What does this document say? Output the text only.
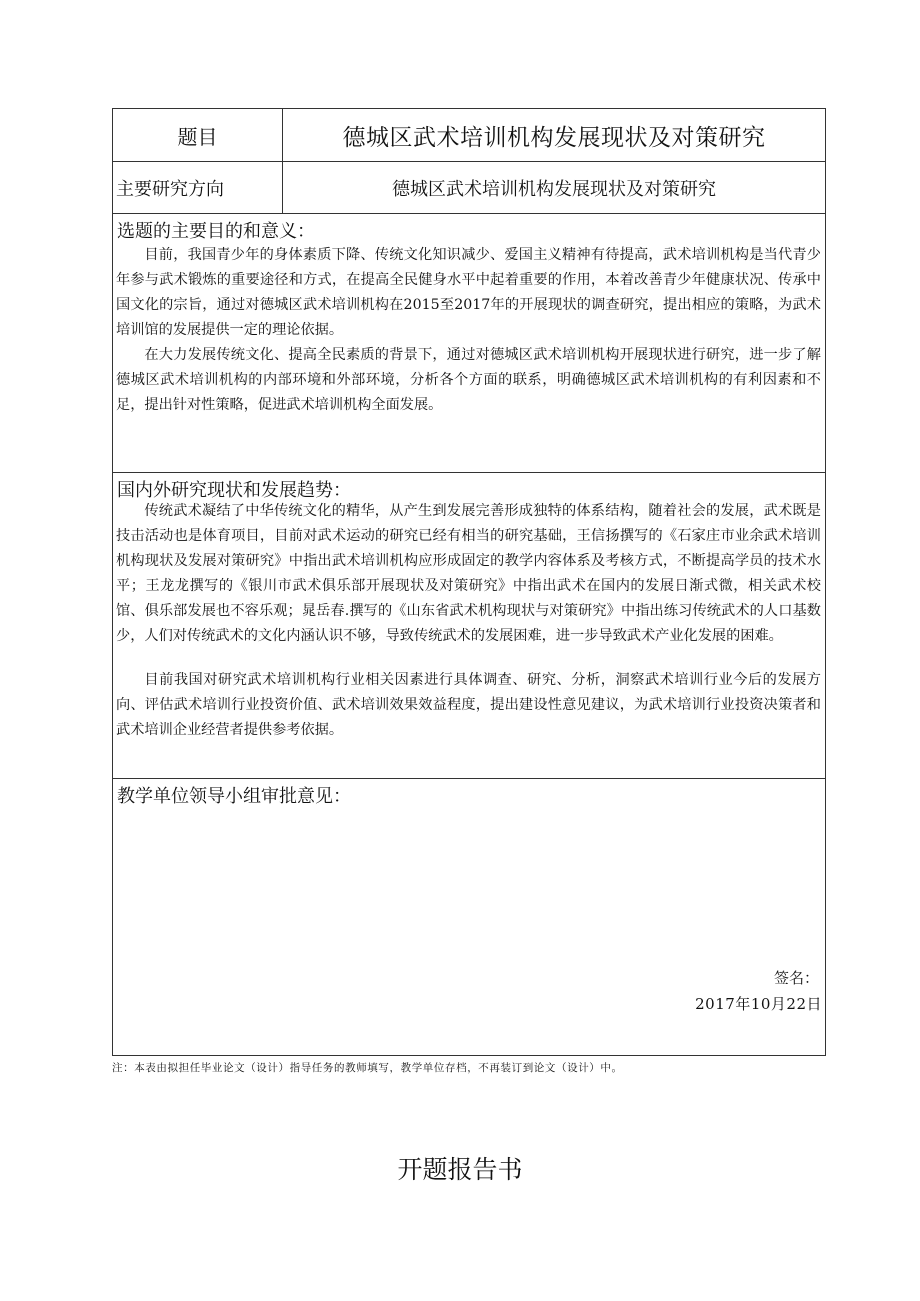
题目	德城区武术培训机构发展现状及对策研究
主要研究方向	德城区武术培训机构发展现状及对策研究
选题的主要目的和意义：

目前，我国青少年的身体素质下降、传统文化知识减少、爱国主义精神有待提高，武术培训机构是当代青少年参与武术锻炼的重要途径和方式，在提高全民健身水平中起着重要的作用，本着改善青少年健康状况、传承中国文化的宗旨，通过对德城区武术培训机构在2015至2017年的开展现状的调查研究，提出相应的策略，为武术培训馆的发展提供一定的理论依据。

在大力发展传统文化、提高全民素质的背景下，通过对德城区武术培训机构开展现状进行研究，进一步了解德城区武术培训机构的内部环境和外部环境，分析各个方面的联系，明确德城区武术培训机构的有利因素和不足，提出针对性策略，促进武术培训机构全面发展。

国内外研究现状和发展趋势：

传统武术凝结了中华传统文化的精华，从产生到发展完善形成独特的体系结构，随着社会的发展，武术既是技击活动也是体育项目，目前对武术运动的研究已经有相当的研究基础，王信扬撰写的《石家庄市业余武术培训机构现状及发展对策研究》中指出武术培训机构应形成固定的教学内容体系及考核方式，不断提高学员的技术水平；王龙龙撰写的《银川市武术俱乐部开展现状及对策研究》中指出武术在国内的发展日渐式微，相关武术校馆、俱乐部发展也不容乐观；晁岳春.撰写的《山东省武术机构现状与对策研究》中指出练习传统武术的人口基数少，人们对传统武术的文化内涵认识不够，导致传统武术的发展困难，进一步导致武术产业化发展的困难。

目前我国对研究武术培训机构行业相关因素进行具体调查、研究、分析，洞察武术培训行业今后的发展方向、评估武术培训行业投资价值、武术培训效果效益程度，提出建设性意见建议，为武术培训行业投资决策者和武术培训企业经营者提供参考依据。

教学单位领导小组审批意见：
签名：
2017年10月22日
注：本表由拟担任毕业论文（设计）指导任务的教师填写，教学单位存档，不再装订到论文（设计）中。
开题报告书
